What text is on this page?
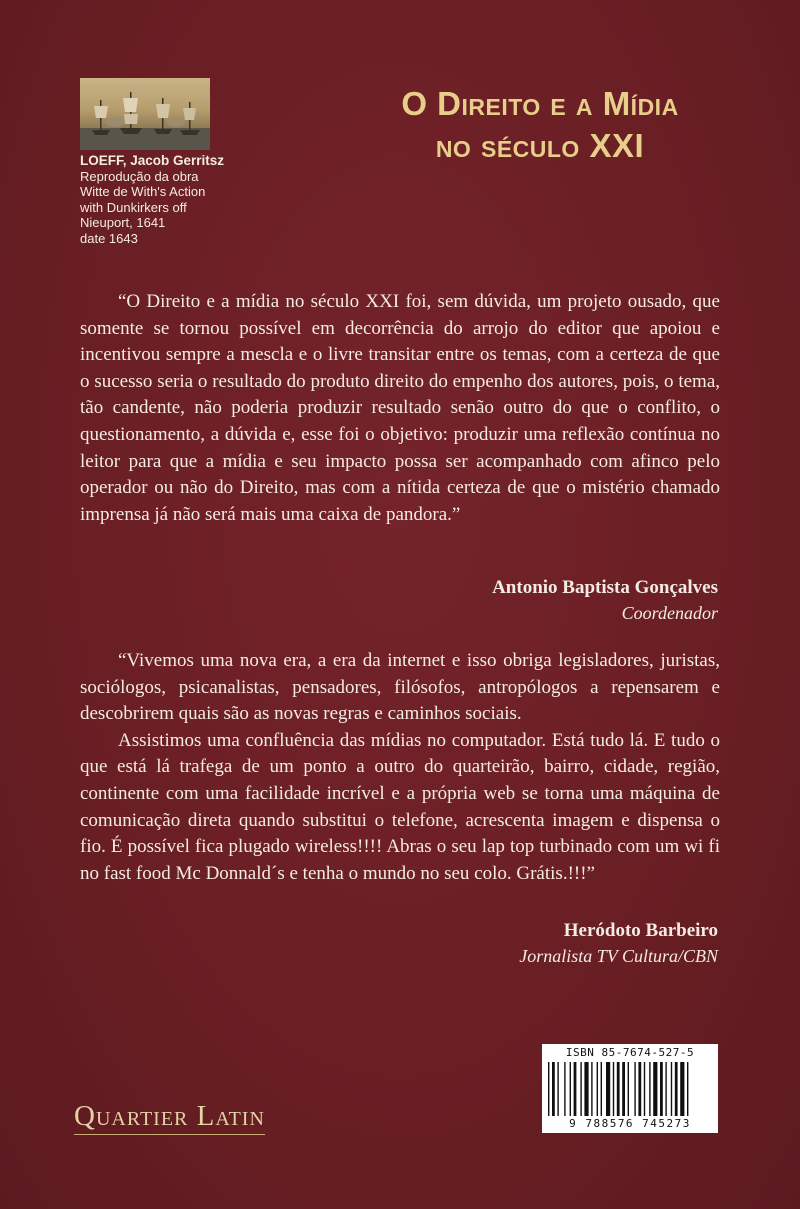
LOEFF, Jacob Gerritsz
Reprodução da obra
Witte de With's Action
with Dunkirkers off
Nieuport, 1641
date 1643
O Direito e a Mídia
no século XXI

“O Direito e a mídia no século XXI foi, sem dúvida, um projeto ousado, que somente se tornou possível em decorrência do arrojo do editor que apoiou e incentivou sempre a mescla e o livre transitar entre os temas, com a certeza de que o sucesso seria o resultado do produto direito do empenho dos autores, pois, o tema, tão candente, não poderia produzir resultado senão outro do que o conflito, o questionamento, a dúvida e, esse foi o objetivo: produzir uma reflexão contínua no leitor para que a mídia e seu impacto possa ser acompanhado com afinco pelo operador ou não do Direito, mas com a nítida certeza de que o mistério chamado imprensa já não será mais uma caixa de pandora.”

Antonio Baptista Gonçalves
Coordenador

“Vivemos uma nova era, a era da internet e isso obriga legisladores, juristas, sociólogos, psicanalistas, pensadores, filósofos, antropólogos a repensarem e descobrirem quais são as novas regras e caminhos sociais.

Assistimos uma confluência das mídias no computador. Está tudo lá. E tudo o que está lá trafega de um ponto a outro do quarteirão, bairro, cidade, região, continente com uma facilidade incrível e a própria web se torna uma máquina de comunicação direta quando substitui o telefone, acrescenta imagem e dispensa o fio. É possível fica plugado wireless!!!! Abras o seu lap top turbinado com um wi fi no fast food Mc Donnald´s e tenha o mundo no seu colo. Grátis.!!!”

Heródoto Barbeiro
Jornalista TV Cultura/CBN
Quartier Latin
ISBN 85-7674-527-5
9 788576 745273
